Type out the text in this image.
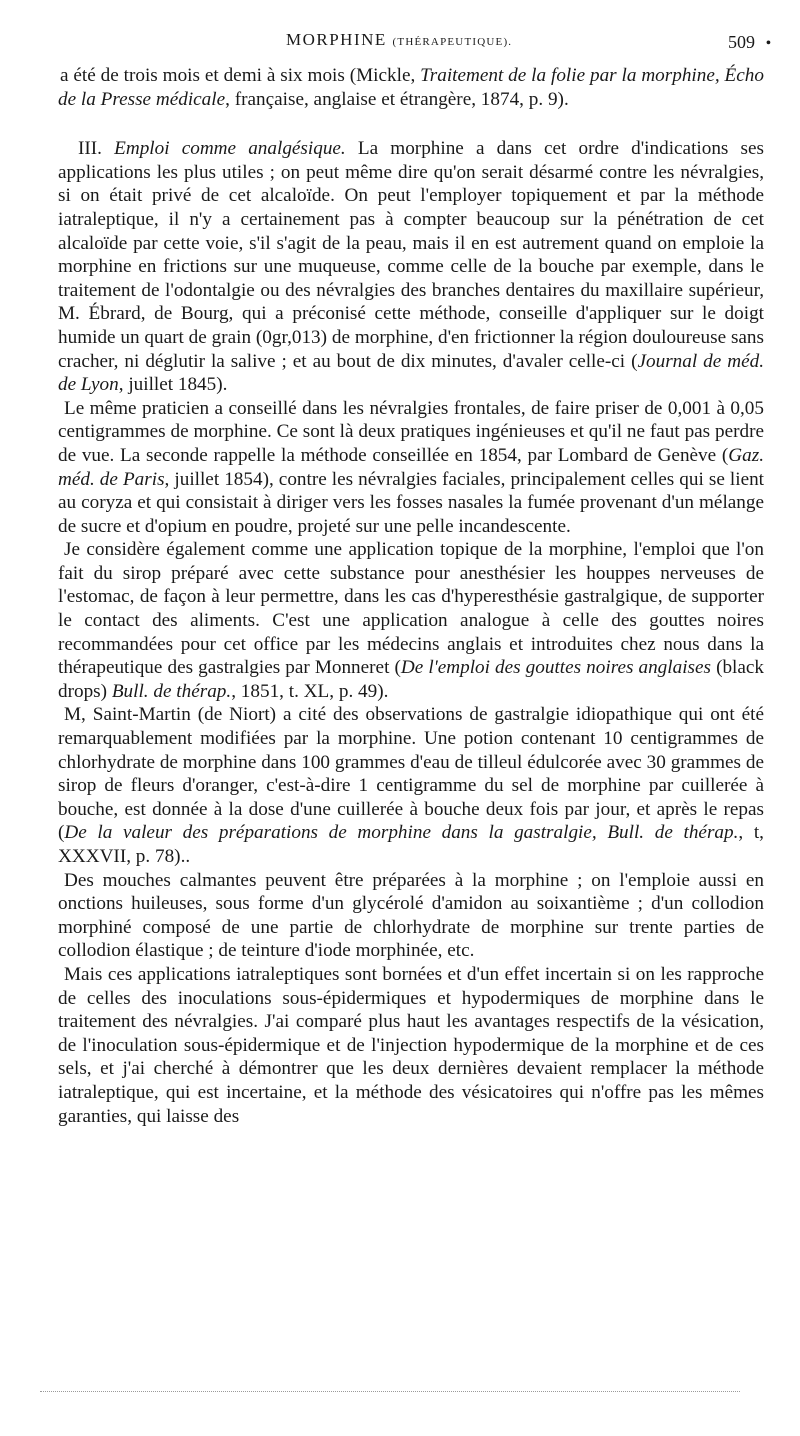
MORPHINE (THÉRAPEUTIQUE).	509 •

a été de trois mois et demi à six mois (Mickle, Traitement de la folie par la morphine, Écho de la Presse médicale, française, anglaise et étrangère, 1874, p. 9).

III. Emploi comme analgésique. La morphine a dans cet ordre d'indications ses applications les plus utiles ; on peut même dire qu'on serait désarmé contre les névralgies, si on était privé de cet alcaloïde. On peut l'employer topiquement et par la méthode iatraleptique, il n'y a certainement pas à compter beaucoup sur la pénétration de cet alcaloïde par cette voie, s'il s'agit de la peau, mais il en est autrement quand on emploie la morphine en frictions sur une muqueuse, comme celle de la bouche par exemple, dans le traitement de l'odontalgie ou des névralgies des branches dentaires du maxillaire supérieur, M. Ébrard, de Bourg, qui a préconisé cette méthode, conseille d'appliquer sur le doigt humide un quart de grain (0gr,013) de morphine, d'en frictionner la région douloureuse sans cracher, ni déglutir la salive ; et au bout de dix minutes, d'avaler celle-ci (Journal de méd. de Lyon, juillet 1845).

Le même praticien a conseillé dans les névralgies frontales, de faire priser de 0,001 à 0,05 centigrammes de morphine. Ce sont là deux pratiques ingénieuses et qu'il ne faut pas perdre de vue. La seconde rappelle la méthode conseillée en 1854, par Lombard de Genève (Gaz. méd. de Paris, juillet 1854), contre les névralgies faciales, principalement celles qui se lient au coryza et qui consistait à diriger vers les fosses nasales la fumée provenant d'un mélange de sucre et d'opium en poudre, projeté sur une pelle incandescente.

Je considère également comme une application topique de la morphine, l'emploi que l'on fait du sirop préparé avec cette substance pour anesthésier les houppes nerveuses de l'estomac, de façon à leur permettre, dans les cas d'hyperesthésie gastralgique, de supporter le contact des aliments. C'est une application analogue à celle des gouttes noires recommandées pour cet office par les médecins anglais et introduites chez nous dans la thérapeutique des gastralgies par Monneret (De l'emploi des gouttes noires anglaises (black drops) Bull. de thérap., 1851, t. XL, p. 49).

M, Saint-Martin (de Niort) a cité des observations de gastralgie idiopathique qui ont été remarquablement modifiées par la morphine. Une potion contenant 10 centigrammes de chlorhydrate de morphine dans 100 grammes d'eau de tilleul édulcorée avec 30 grammes de sirop de fleurs d'oranger, c'est-à-dire 1 centigramme du sel de morphine par cuillerée à bouche, est donnée à la dose d'une cuillerée à bouche deux fois par jour, et après le repas (De la valeur des préparations de morphine dans la gastralgie, Bull. de thérap., t, XXXVII, p. 78)..

Des mouches calmantes peuvent être préparées à la morphine ; on l'emploie aussi en onctions huileuses, sous forme d'un glycérolé d'amidon au soixantième ; d'un collodion morphiné composé de une partie de chlorhydrate de morphine sur trente parties de collodion élastique ; de teinture d'iode morphinée, etc.

Mais ces applications iatraleptiques sont bornées et d'un effet incertain si on les rapproche de celles des inoculations sous-épidermiques et hypodermiques de morphine dans le traitement des névralgies. J'ai comparé plus haut les avantages respectifs de la vésication, de l'inoculation sous-épidermique et de l'injection hypodermique de la morphine et de ces sels, et j'ai cherché à démontrer que les deux dernières devaient remplacer la méthode iatraleptique, qui est incertaine, et la méthode des vésicatoires qui n'offre pas les mêmes garanties, qui laisse des
